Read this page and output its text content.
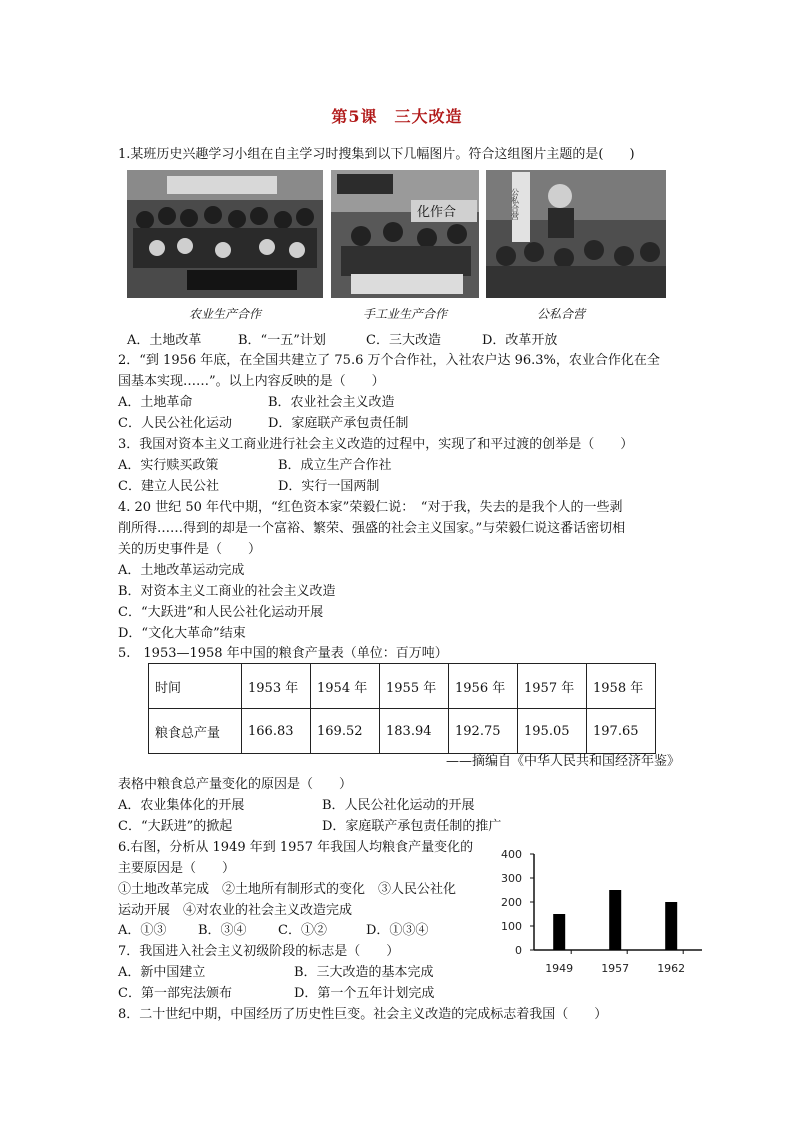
第5课　三大改造
1.某班历史兴趣学习小组在自主学习时搜集到以下几幅图片。符合这组图片主题的是(　　)
化作合	公私合营
农业生产合作	手工业生产合作	公私合营
A．土地改革	B．“一五”计划	C．三大改造	D．改革开放
2．“到 1956 年底，在全国共建立了 75.6 万个合作社，入社农户达 96.3%，农业合作化在全
国基本实现……”。以上内容反映的是（　　）
A．土地革命	B．农业社会主义改造
C．人民公社化运动	D．家庭联产承包责任制
3．我国对资本主义工商业进行社会主义改造的过程中，实现了和平过渡的创举是（　　）
A．实行赎买政策	B．成立生产合作社
C．建立人民公社	D．实行一国两制
4. 20 世纪 50 年代中期，“红色资本家”荣毅仁说：　“对于我，失去的是我个人的一些剥
削所得……得到的却是一个富裕、繁荣、强盛的社会主义国家。”与荣毅仁说这番话密切相
关的历史事件是（　　）
A．土地改革运动完成
B．对资本主义工商业的社会主义改造
C．“大跃进”和人民公社化运动开展
D．“文化大革命”结束
5.　1953—1958 年中国的粮食产量表（单位：百万吨）
时间	1953 年	1954 年	1955 年	1956 年	1957 年	1958 年
粮食总产量	166.83	169.52	183.94	192.75	195.05	197.65
——摘编自《中华人民共和国经济年鉴》
表格中粮食总产量变化的原因是（　　）
A．农业集体化的开展	B．人民公社化运动的开展
C．“大跃进”的掀起	D．家庭联产承包责任制的推广
6.右图，分析从 1949 年到 1957 年我国人均粮食产量变化的
主要原因是（　　）
①土地改革完成　②土地所有制形式的变化　③人民公社化
运动开展　④对农业的社会主义改造完成
A．①③ B．③④ C．①②	D．①③④
0
100
200
300
400
1949	1957	1962
7．我国进入社会主义初级阶段的标志是（　　）
A．新中国建立	B．三大改造的基本完成
C．第一部宪法颁布	D．第一个五年计划完成
8．二十世纪中期，中国经历了历史性巨变。社会主义改造的完成标志着我国（　　）
